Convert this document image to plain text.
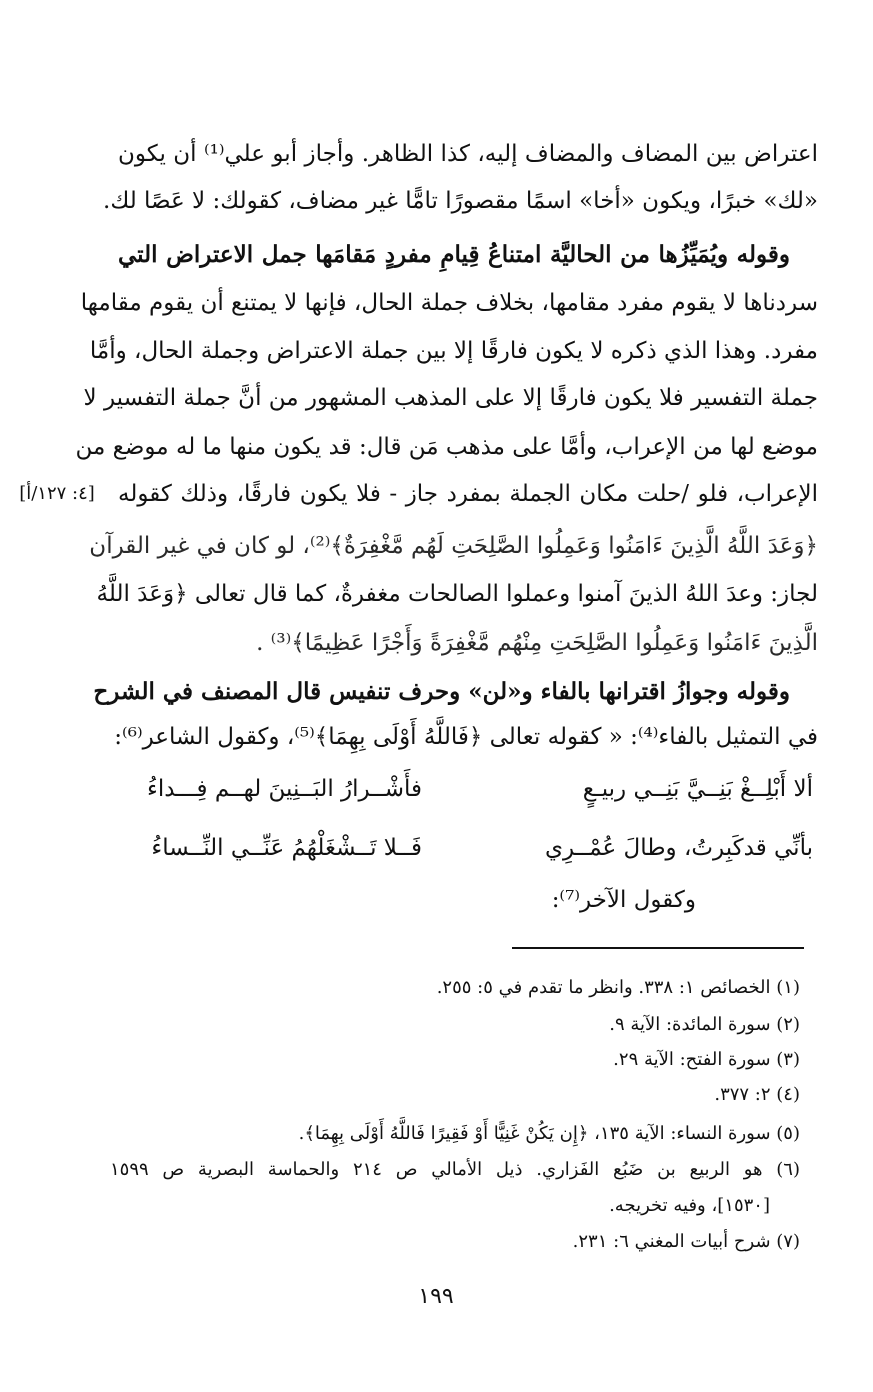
اعتراض بين المضاف والمضاف إليه، كذا الظاهر. وأجاز أبو علي⁽¹⁾ أن يكون
«لك» خبرًا، ويكون «أخا» اسمًا مقصورًا تامًّا غير مضاف، كقولك: لا عَصًا لك.
وقوله ويُمَيِّزُها من الحاليَّة امتناعُ قِيامِ مفردٍ مَقامَها جمل الاعتراض التي
سردناها لا يقوم مفرد مقامها، بخلاف جملة الحال، فإنها لا يمتنع أن يقوم مقامها
مفرد. وهذا الذي ذكره لا يكون فارقًا إلا بين جملة الاعتراض وجملة الحال، وأمَّا
جملة التفسير فلا يكون فارقًا إلا على المذهب المشهور من أنَّ جملة التفسير لا
موضع لها من الإعراب، وأمَّا على مذهب مَن قال: قد يكون منها ما له موضع من
الإعراب، فلو /حلت مكان الجملة بمفرد جاز - فلا يكون فارقًا، وذلك كقوله
﴿وَعَدَ اللَّهُ الَّذِينَ ءَامَنُوا وَعَمِلُوا الصَّلِحَتِ لَهُم مَّغْفِرَةٌ﴾⁽²⁾، لو كان في غير القرآن
لجاز: وعدَ اللهُ الذينَ آمنوا وعملوا الصالحات مغفرةٌ، كما قال تعالى ﴿وَعَدَ اللَّهُ
الَّذِينَ ءَامَنُوا وَعَمِلُوا الصَّلِحَتِ مِنْهُم مَّغْفِرَةً وَأَجْرًا عَظِيمًا﴾⁽³⁾ .
وقوله وجوازُ اقترانها بالفاء و«لن» وحرف تنفيس قال المصنف في الشرح
في التمثيل بالفاء⁽⁴⁾: « كقوله تعالى ﴿فَاللَّهُ أَوْلَى بِهِمَا﴾⁽⁵⁾، وكقول الشاعر⁽⁶⁾:
[٤: ١٢٧/أ]
ألا أَبْلِــغْ بَنِــيَّ بَنِــي ربيـعٍ
فأَشْــرارُ البَــنِينَ لهــم فِـــداءُ
بأنِّي قدكَبِرتُ، وطالَ عُمْــرِي
فَــلا تَــشْغَلْهُمُ عَنِّــي النِّــساءُ
وكقول الآخر⁽⁷⁾:
(١) الخصائص ١: ٣٣٨. وانظر ما تقدم في ٥: ٢٥٥.
(٢) سورة المائدة: الآية ٩.
(٣) سورة الفتح: الآية ٢٩.
(٤) ٢: ٣٧٧.
(٥) سورة النساء: الآية ١٣٥، ﴿إِن يَكُنْ غَنِيًّا أَوْ فَقِيرًا فَاللَّهُ أَوْلَى بِهِمَا﴾.
(٦) هو الربيع بن ضَبُع الفَزاري. ذيل الأمالي ص ٢١٤ والحماسة البصرية ص ١٥٩٩
[١٥٣٠]، وفيه تخريجه.
(٧) شرح أبيات المغني ٦: ٢٣١.
١٩٩
